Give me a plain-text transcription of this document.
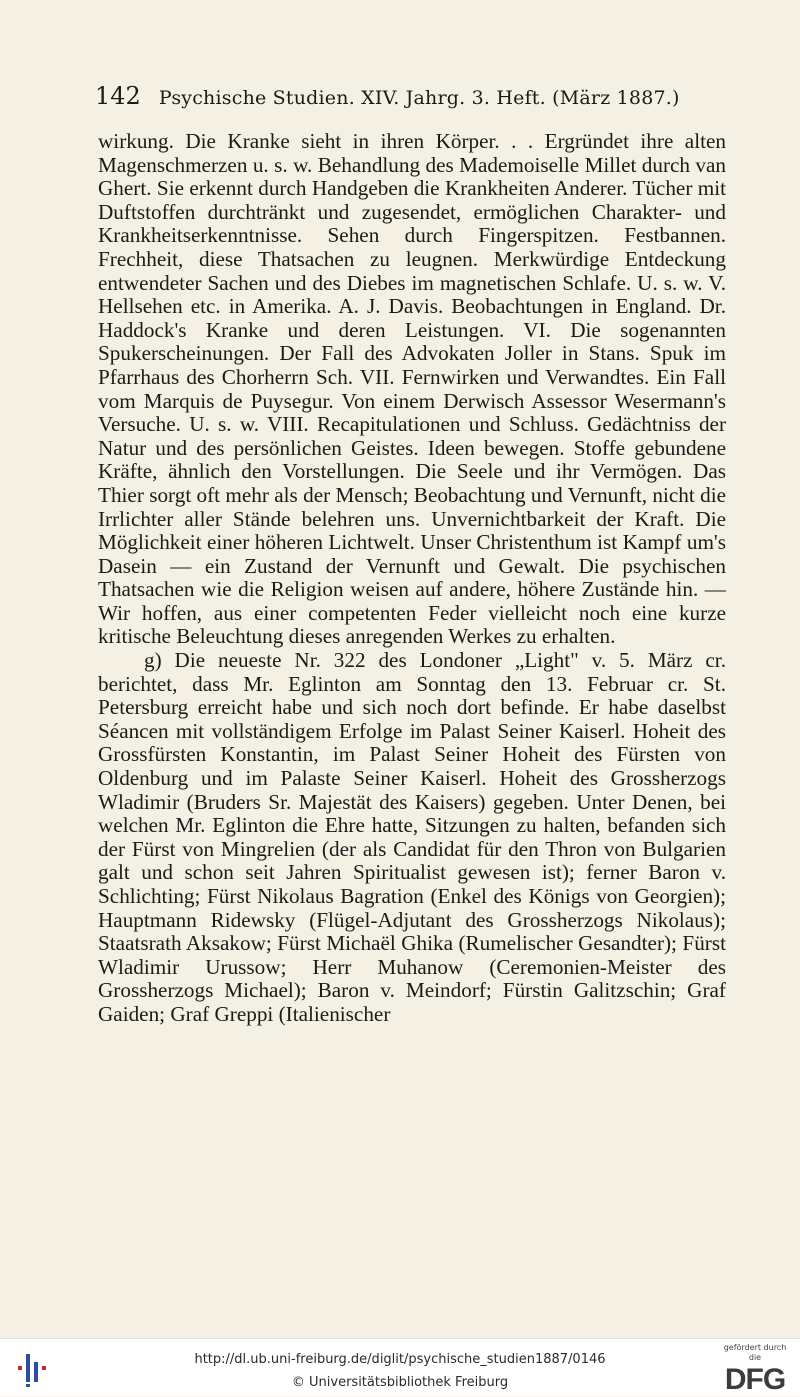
142 Psychische Studien. XIV. Jahrg. 3. Heft. (März 1887.)

wirkung. Die Kranke sieht in ihren Körper. . . Ergründet ihre alten Magenschmerzen u. s. w. Behandlung des Mademoiselle Millet durch van Ghert. Sie erkennt durch Handgeben die Krankheiten Anderer. Tücher mit Duftstoffen durchtränkt und zugesendet, ermöglichen Charakter- und Krankheitserkenntnisse. Sehen durch Fingerspitzen. Festbannen. Frechheit, diese Thatsachen zu leugnen. Merkwürdige Entdeckung entwendeter Sachen und des Diebes im magnetischen Schlafe. U. s. w. V. Hellsehen etc. in Amerika. A. J. Davis. Beobachtungen in England. Dr. Haddock's Kranke und deren Leistungen. VI. Die sogenannten Spukerscheinungen. Der Fall des Advokaten Joller in Stans. Spuk im Pfarrhaus des Chorherrn Sch. VII. Fernwirken und Verwandtes. Ein Fall vom Marquis de Puysegur. Von einem Derwisch Assessor Wesermann's Versuche. U. s. w. VIII. Recapitulationen und Schluss. Gedächtniss der Natur und des persönlichen Geistes. Ideen bewegen. Stoffe gebundene Kräfte, ähnlich den Vorstellungen. Die Seele und ihr Vermögen. Das Thier sorgt oft mehr als der Mensch; Beobachtung und Vernunft, nicht die Irrlichter aller Stände belehren uns. Unvernichtbarkeit der Kraft. Die Möglichkeit einer höheren Lichtwelt. Unser Christenthum ist Kampf um's Dasein — ein Zustand der Vernunft und Gewalt. Die psychischen Thatsachen wie die Religion weisen auf andere, höhere Zustände hin. — Wir hoffen, aus einer competenten Feder vielleicht noch eine kurze kritische Beleuchtung dieses anregenden Werkes zu erhalten.

g) Die neueste Nr. 322 des Londoner „Light" v. 5. März cr. berichtet, dass Mr. Eglinton am Sonntag den 13. Februar cr. St. Petersburg erreicht habe und sich noch dort befinde. Er habe daselbst Séancen mit vollständigem Erfolge im Palast Seiner Kaiserl. Hoheit des Grossfürsten Konstantin, im Palast Seiner Hoheit des Fürsten von Oldenburg und im Palaste Seiner Kaiserl. Hoheit des Grossherzogs Wladimir (Bruders Sr. Majestät des Kaisers) gegeben. Unter Denen, bei welchen Mr. Eglinton die Ehre hatte, Sitzungen zu halten, befanden sich der Fürst von Mingrelien (der als Candidat für den Thron von Bulgarien galt und schon seit Jahren Spiritualist gewesen ist); ferner Baron v. Schlichting; Fürst Nikolaus Bagration (Enkel des Königs von Georgien); Hauptmann Ridewsky (Flügel-Adjutant des Grossherzogs Nikolaus); Staatsrath Aksakow; Fürst Michaël Ghika (Rumelischer Gesandter); Fürst Wladimir Urussow; Herr Muhanow (Ceremonien-Meister des Grossherzogs Michael); Baron v. Meindorf; Fürstin Galitzschin; Graf Gaiden; Graf Greppi (Italienischer

http://dl.ub.uni-freiburg.de/diglit/psychische_studien1887/0146
© Universitätsbibliothek Freiburg
gefördert durch die
DFG
